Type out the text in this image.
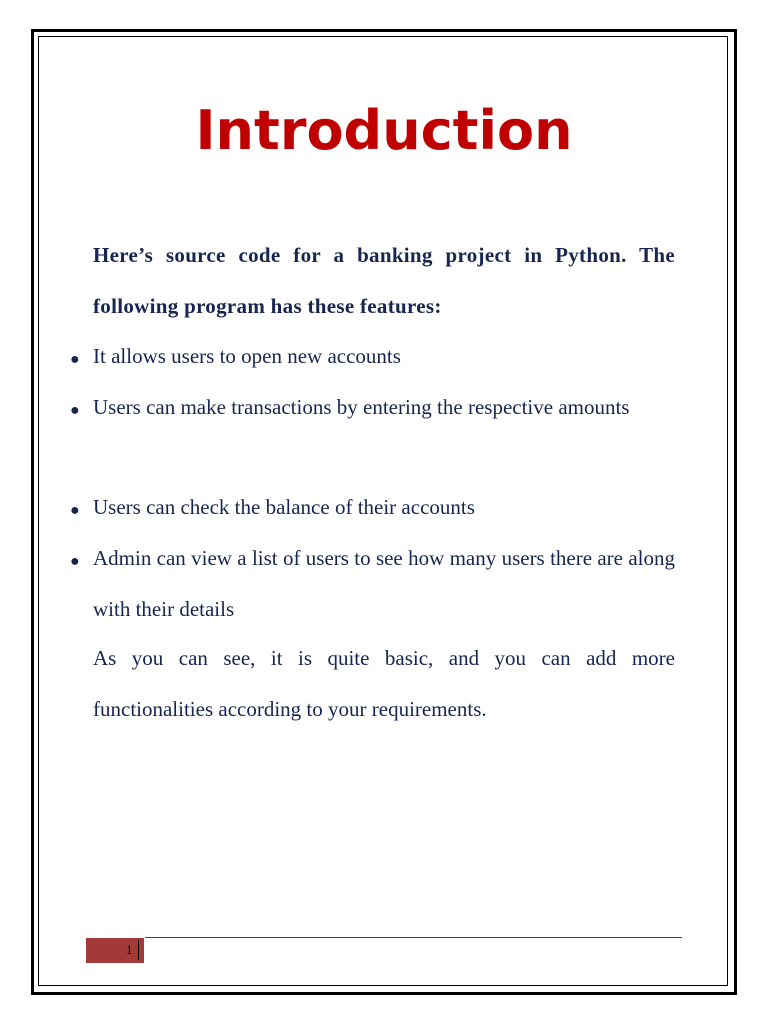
Introduction

Here’s source code for a banking project in Python. The following program has these features:

● It allows users to open new accounts

● Users can make transactions by entering the respective amounts

● Users can check the balance of their accounts

● Admin can view a list of users to see how many users there are along with their details

As you can see, it is quite basic, and you can add more functionalities according to your requirements.

1
